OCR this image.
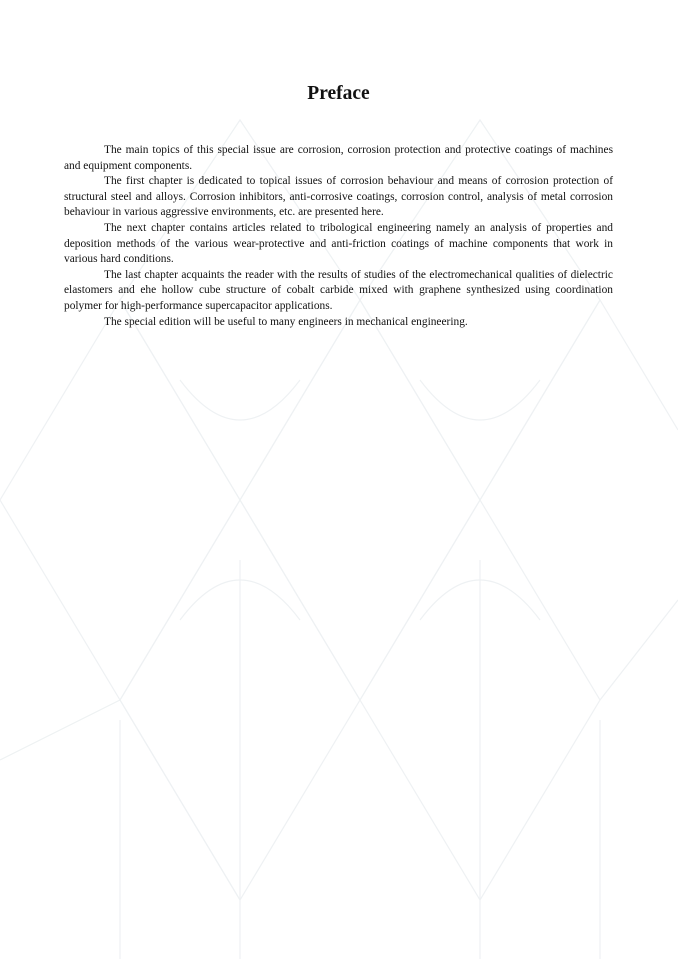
Preface

The main topics of this special issue are corrosion, corrosion protection and protective coatings of machines and equipment components.

The first chapter is dedicated to topical issues of corrosion behaviour and means of corrosion protection of structural steel and alloys. Corrosion inhibitors, anti-corrosive coatings, corrosion control, analysis of metal corrosion behaviour in various aggressive environments, etc. are presented here.

The next chapter contains articles related to tribological engineering namely an analysis of properties and deposition methods of the various wear-protective and anti-friction coatings of machine components that work in various hard conditions.

The last chapter acquaints the reader with the results of studies of the electromechanical qualities of dielectric elastomers and ehe hollow cube structure of cobalt carbide mixed with graphene synthesized using coordination polymer for high-performance supercapacitor applications.

The special edition will be useful to many engineers in mechanical engineering.
